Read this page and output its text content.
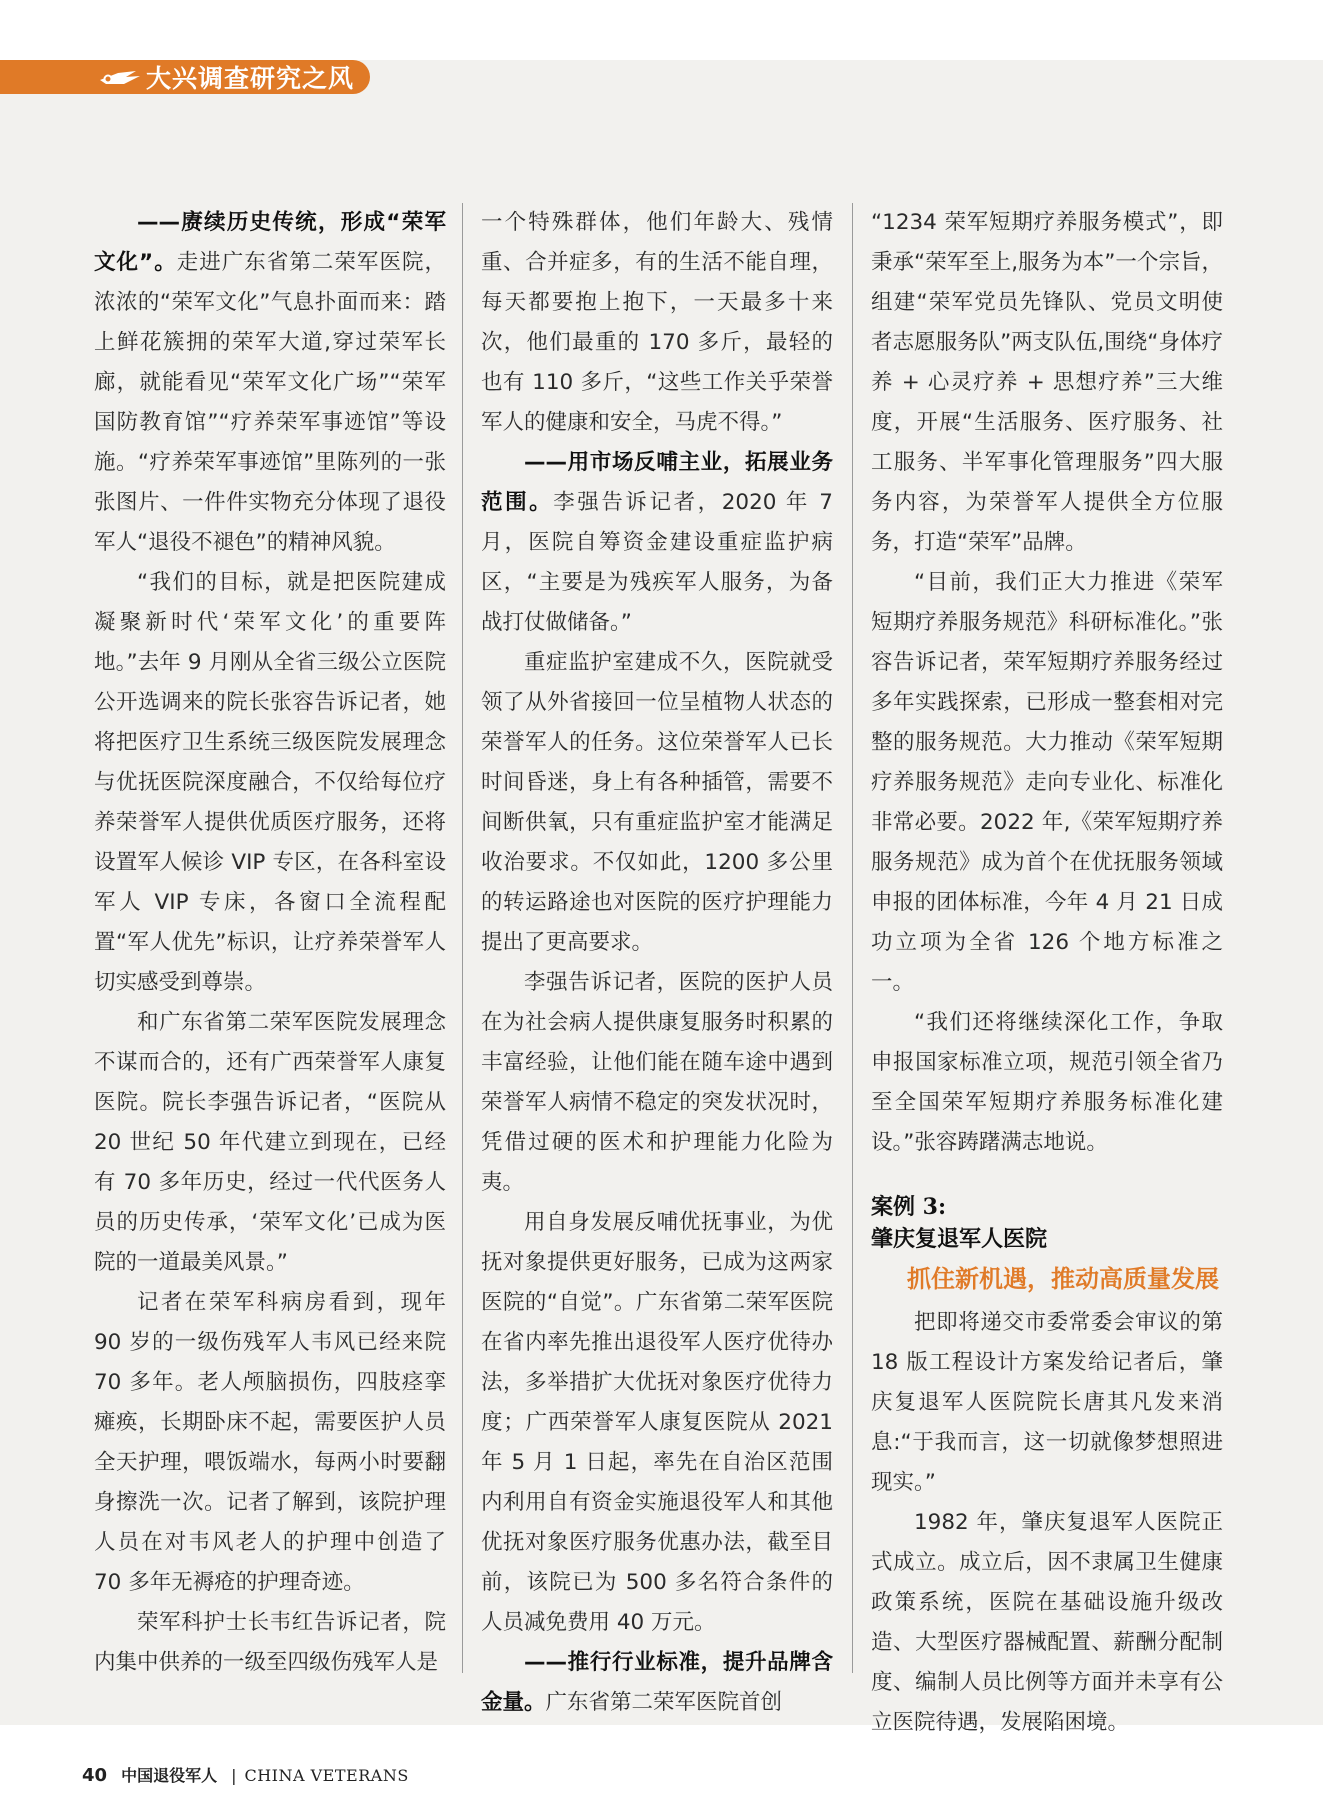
大兴调查研究之风

——赓续历史传统，形成“荣军文化”。走进广东省第二荣军医院，浓浓的“荣军文化”气息扑面而来：踏上鲜花簇拥的荣军大道,穿过荣军长廊，就能看见“荣军文化广场”“荣军国防教育馆”“疗养荣军事迹馆”等设施。“疗养荣军事迹馆”里陈列的一张张图片、一件件实物充分体现了退役军人“退役不褪色”的精神风貌。

“我们的目标，就是把医院建成凝聚新时代‘荣军文化’的重要阵地。”去年 9 月刚从全省三级公立医院公开选调来的院长张容告诉记者，她将把医疗卫生系统三级医院发展理念与优抚医院深度融合，不仅给每位疗养荣誉军人提供优质医疗服务，还将设置军人候诊 VIP 专区，在各科室设军人 VIP 专床，各窗口全流程配置“军人优先”标识，让疗养荣誉军人切实感受到尊崇。

和广东省第二荣军医院发展理念不谋而合的，还有广西荣誉军人康复医院。院长李强告诉记者，“医院从 20 世纪 50 年代建立到现在，已经有 70 多年历史，经过一代代医务人员的历史传承，‘荣军文化’已成为医院的一道最美风景。”

记者在荣军科病房看到，现年 90 岁的一级伤残军人韦风已经来院 70 多年。老人颅脑损伤，四肢痉挛瘫痪，长期卧床不起，需要医护人员全天护理，喂饭端水，每两小时要翻身擦洗一次。记者了解到，该院护理人员在对韦风老人的护理中创造了 70 多年无褥疮的护理奇迹。

荣军科护士长韦红告诉记者，院内集中供养的一级至四级伤残军人是

一个特殊群体，他们年龄大、残情重、合并症多，有的生活不能自理，每天都要抱上抱下，一天最多十来次，他们最重的 170 多斤，最轻的也有 110 多斤，“这些工作关乎荣誉军人的健康和安全，马虎不得。”

——用市场反哺主业，拓展业务范围。李强告诉记者，2020 年 7 月，医院自筹资金建设重症监护病区，“主要是为残疾军人服务，为备战打仗做储备。”

重症监护室建成不久，医院就受领了从外省接回一位呈植物人状态的荣誉军人的任务。这位荣誉军人已长时间昏迷，身上有各种插管，需要不间断供氧，只有重症监护室才能满足收治要求。不仅如此，1200 多公里的转运路途也对医院的医疗护理能力提出了更高要求。

李强告诉记者，医院的医护人员在为社会病人提供康复服务时积累的丰富经验，让他们能在随车途中遇到荣誉军人病情不稳定的突发状况时，凭借过硬的医术和护理能力化险为夷。

用自身发展反哺优抚事业，为优抚对象提供更好服务，已成为这两家医院的“自觉”。广东省第二荣军医院在省内率先推出退役军人医疗优待办法，多举措扩大优抚对象医疗优待力度；广西荣誉军人康复医院从 2021 年 5 月 1 日起，率先在自治区范围内利用自有资金实施退役军人和其他优抚对象医疗服务优惠办法，截至目前，该院已为 500 多名符合条件的人员减免费用 40 万元。

——推行行业标准，提升品牌含金量。广东省第二荣军医院首创

“1234 荣军短期疗养服务模式”，即秉承“荣军至上,服务为本”一个宗旨，组建“荣军党员先锋队、党员文明使者志愿服务队”两支队伍,围绕“身体疗养 + 心灵疗养 + 思想疗养”三大维度，开展“生活服务、医疗服务、社工服务、半军事化管理服务”四大服务内容，为荣誉军人提供全方位服务，打造“荣军”品牌。

“目前，我们正大力推进《荣军短期疗养服务规范》科研标准化。”张容告诉记者，荣军短期疗养服务经过多年实践探索，已形成一整套相对完整的服务规范。大力推动《荣军短期疗养服务规范》走向专业化、标准化非常必要。2022 年,《荣军短期疗养服务规范》成为首个在优抚服务领域申报的团体标准，今年 4 月 21 日成功立项为全省 126 个地方标准之一。

“我们还将继续深化工作，争取申报国家标准立项，规范引领全省乃至全国荣军短期疗养服务标准化建设。”张容踌躇满志地说。

案例 3:
肇庆复退军人医院
抓住新机遇，推动高质量发展

把即将递交市委常委会审议的第 18 版工程设计方案发给记者后，肇庆复退军人医院院长唐其凡发来消息:“于我而言，这一切就像梦想照进现实。”

1982 年，肇庆复退军人医院正式成立。成立后，因不隶属卫生健康政策系统，医院在基础设施升级改造、大型医疗器械配置、薪酬分配制度、编制人员比例等方面并未享有公立医院待遇，发展陷困境。

40 中国退役军人 | CHINA VETERANS
